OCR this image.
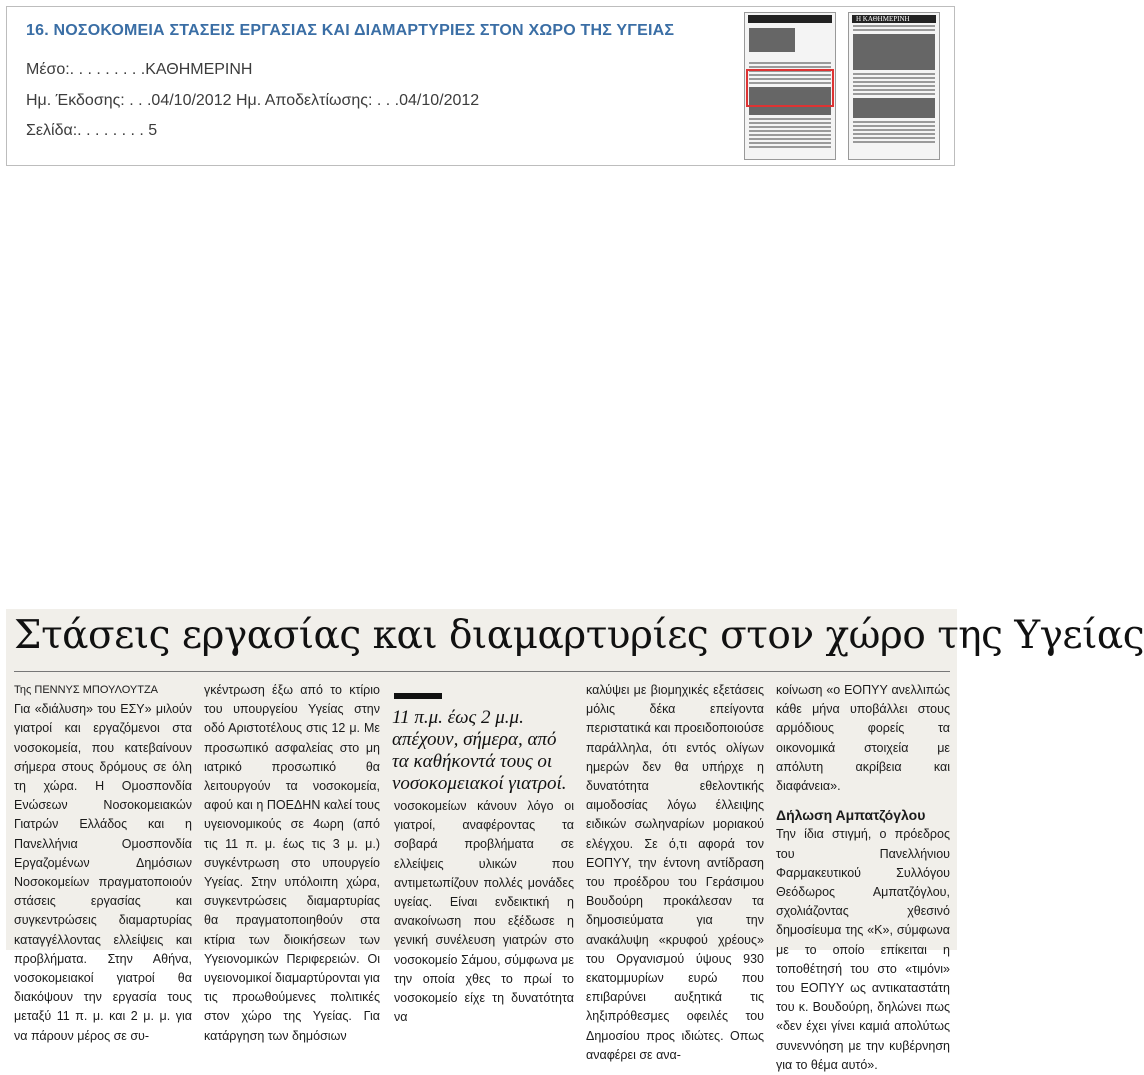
16. ΝΟΣΟΚΟΜΕΙΑ ΣΤΑΣΕΙΣ ΕΡΓΑΣΙΑΣ ΚΑΙ ΔΙΑΜΑΡΤΥΡΙΕΣ ΣΤΟΝ ΧΩΡΟ ΤΗΣ ΥΓΕΙΑΣ
Μέσο:. . . . . . . . .ΚΑΘΗΜΕΡΙΝΗ
Ημ. Έκδοσης: . . .04/10/2012 Ημ. Αποδελτίωσης: . . .04/10/2012
Σελίδα:. . . . . . . . 5
Η ΚΑΘΗΜΕΡΙΝΗ
Στάσεις εργασίας και διαμαρτυρίες στον χώρο της Υγείας
Της ΠΕΝΝΥΣ ΜΠΟΥΛΟΥΤΖΑ
Για «διάλυση» του ΕΣΥ» μιλούν γιατροί και εργαζόμενοι στα νοσοκομεία, που κατεβαίνουν σήμερα στους δρόμους σε όλη τη χώρα. Η Ομοσπονδία Ενώσεων Νοσοκομειακών Γιατρών Ελλάδος και η Πανελλήνια Ομοσπονδία Εργαζομένων Δημόσιων Νοσοκομείων πραγματοποιούν στάσεις εργασίας και συγκεντρώσεις διαμαρτυρίας καταγγέλλοντας ελλείψεις και προβλήματα. Στην Αθήνα, νοσοκομειακοί γιατροί θα διακόψουν την εργασία τους μεταξύ 11 π. μ. και 2 μ. μ. για να πάρουν μέρος σε συ-
γκέντρωση έξω από το κτίριο του υπουργείου Υγείας στην οδό Αριστοτέλους στις 12 μ. Με προσωπικό ασφαλείας στο μη ιατρικό προσωπικό θα λειτουργούν τα νοσοκομεία, αφού και η ΠΟΕΔΗΝ καλεί τους υγειονομικούς σε 4ωρη (από τις 11 π. μ. έως τις 3 μ. μ.) συγκέντρωση στο υπουργείο Υγείας. Στην υπόλοιπη χώρα, συγκεντρώσεις διαμαρτυρίας θα πραγματοποιηθούν στα κτίρια των διοικήσεων των Υγειονομικών Περιφερειών. Οι υγειονομικοί διαμαρτύρονται για τις προωθούμενες πολιτικές στον χώρο της Υγείας. Για κατάργηση των δημόσιων
11 π.μ. έως 2 μ.μ. απέχουν, σήμερα, από τα καθήκοντά τους οι νοσοκομειακοί γιατροί.
νοσοκομείων κάνουν λόγο οι γιατροί, αναφέροντας τα σοβαρά προβλήματα σε ελλείψεις υλικών που αντιμετωπίζουν πολλές μονάδες υγείας. Είναι ενδεικτική η ανακοίνωση που εξέδωσε η γενική συνέλευση γιατρών στο νοσοκομείο Σάμου, σύμφωνα με την οποία χθες το πρωί το νοσοκομείο είχε τη δυνατότητα να
καλύψει με βιομηχικές εξετάσεις μόλις δέκα επείγοντα περιστατικά και προειδοποιούσε παράλληλα, ότι εντός ολίγων ημερών δεν θα υπήρχε η δυνατότητα εθελοντικής αιμοδοσίας λόγω έλλειψης ειδικών σωληναρίων μοριακού ελέγχου. Σε ό,τι αφορά τον ΕΟΠΥΥ, την έντονη αντίδραση του προέδρου του Γεράσιμου Βουδούρη προκάλεσαν τα δημοσιεύματα για την ανακάλυψη «κρυφού χρέους» του Οργανισμού ύψους 930 εκατομμυρίων ευρώ που επιβαρύνει αυξητικά τις ληξιπρόθεσμες οφειλές του Δημοσίου προς ιδιώτες. Οπως αναφέρει σε ανα-
κοίνωση «ο ΕΟΠΥΥ ανελλιπώς κάθε μήνα υποβάλλει στους αρμόδιους φορείς τα οικονομικά στοιχεία με απόλυτη ακρίβεια και διαφάνεια».
Δήλωση Αμπατζόγλου
Την ίδια στιγμή, ο πρόεδρος του Πανελλήνιου Φαρμακευτικού Συλλόγου Θεόδωρος Αμπατζόγλου, σχολιάζοντας χθεσινό δημοσίευμα της «Κ», σύμφωνα με το οποίο επίκειται η τοποθέτησή του στο «τιμόνι» του ΕΟΠΥΥ ως αντικαταστάτη του κ. Βουδούρη, δηλώνει πως «δεν έχει γίνει καμιά απολύτως συνεννόηση με την κυβέρνηση για το θέμα αυτό».
